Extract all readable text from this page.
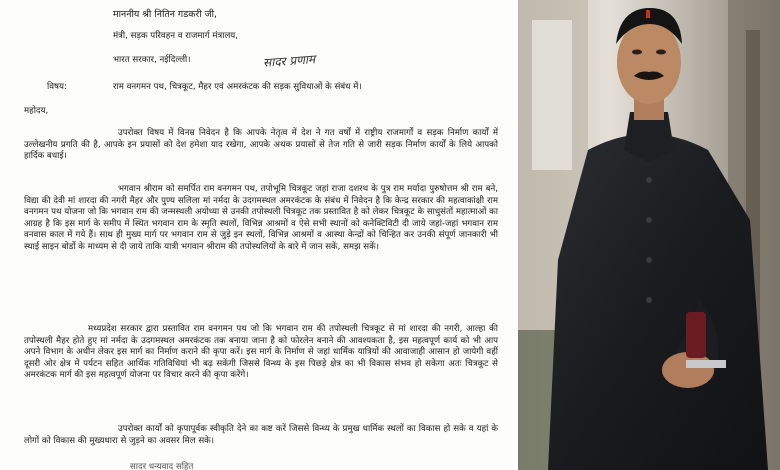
माननीय श्री नितिन गडकरी जी,
मंत्री, सड़क परिवहन व राजमार्ग मंत्रालय,
भारत सरकार, नईदिल्ली।	सादर प्रणाम
विषय:	राम वनगमन पथ, चित्रकूट, मैहर एवं अमरकंटक की सड़क सुविधाओं के संबंध में।
महोदय,
उपरोक्त विषय में विनम्र निवेदन है कि आपके नेतृत्व में देश ने गत वर्षों में राष्ट्रीय राजमार्गों व सड़क निर्माण कार्यों में उल्लेखनीय प्रगति की है, आपके इन प्रयासों को देश हमेशा याद रखेगा, आपके अथक प्रयासों से तेज गति से जारी सड़क निर्माण कार्यों के लिये आपको हार्दिक बधाई।
भगवान श्रीराम को समर्पित राम वनगमन पथ, तपोभूमि चित्रकूट जहां राजा दशरथ के पुत्र राम मर्यादा पुरुषोत्तम श्री राम बने, विद्या की देवी मां शारदा की नगरी मैहर और पुण्य सलिला मां नर्मदा के उदगमस्थल अमरकंटक के संबंध में निवेदन है कि केन्द्र सरकार की महत्वाकांक्षी राम वनगमन पथ योजना जो कि भगवान राम की जन्मस्थली अयोध्या से उनकी तपोस्थली चित्रकूट तक प्रस्तावित है को लेकर चित्रकूट के साधुसंतों महात्माओं का आग्रह है कि इस मार्ग के समीप में स्थित भगवान राम के स्मृति स्थलों, विभिन्न आश्रमों व ऐसे सभी स्थानों को कनेक्टिविटी दी जाये जहां-जहां भगवान राम वनवास काल में गये हैं। साथ ही मुख्य मार्ग पर भगवान राम से जुड़े इन स्थलों, विभिन्न आश्रमों व आस्था केन्द्रों को चिन्हित कर उनकी संपूर्ण जानकारी भी स्थाई साइन बोर्डो के माध्यम से दी जाये ताकि यात्री भगवान श्रीराम की तपोस्थलियों के बारे में जान सकें, समझ सकें।
मध्यप्रदेश सरकार द्वारा प्रस्तावित राम वनगमन पथ जो कि भगवान राम की तपोस्थली चित्रकूट से मां शारदा की नगरी, आल्हा की तपोस्थली मैहर होते हुए मां नर्मदा के उदगमस्थल अमरकंटक तक बनाया जाना है को फोरलेन बनाने की आवश्यकता है, इस महत्वपूर्ण कार्य को भी आप अपने विभाग के अधीन लेकर इस मार्ग का निर्माण कराने की कृपा करें। इस मार्ग के निर्माण से जहां धार्मिक यात्रियों की आवाजाही आसान हो जायेगी वहीं दूसरी ओर क्षेत्र में पर्यटन सहित आर्थिक गतिविधियां भी बढ़ सकेंगी जिससे विन्ध्य के इस पिछड़े क्षेत्र का भी विकास संभव हो सकेगा अतः चित्रकूट से अमरकंटक मार्ग की इस महत्वपूर्ण योजना पर विचार करने की कृपा करेंगे।
उपरोक्त कार्यों को कृपापूर्वक स्वीकृति देने का कष्ट करें जिससे विन्ध्य के प्रमुख धार्मिक स्थलों का विकास हो सके व यहां के लोगों को विकास की मुख्यधारा से जुड़ने का अवसर मिल सके।
सादर धन्यवाद सहित
